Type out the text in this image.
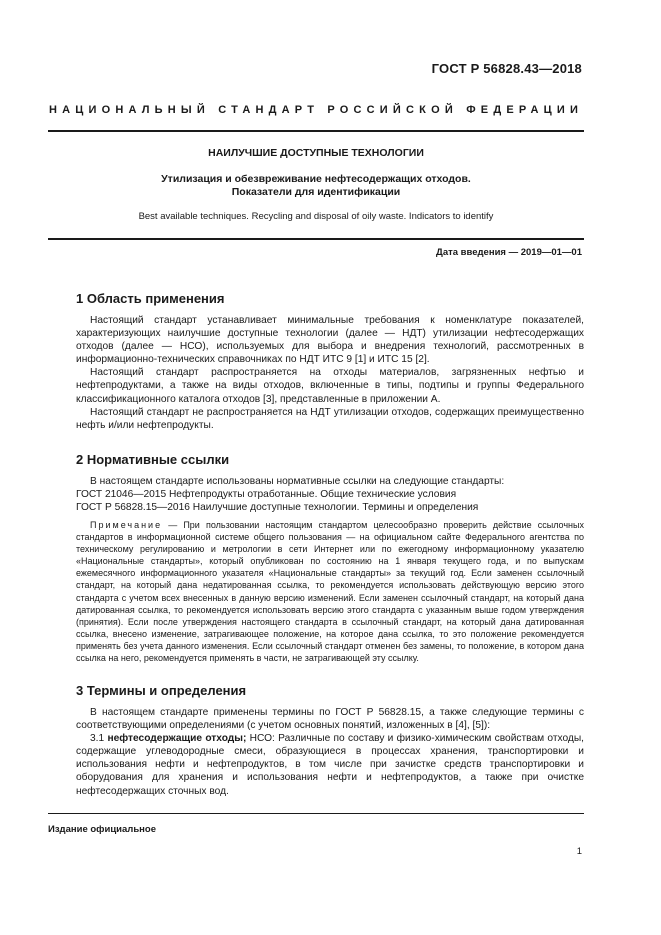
ГОСТ Р 56828.43—2018
НАЦИОНАЛЬНЫЙ СТАНДАРТ РОССИЙСКОЙ ФЕДЕРАЦИИ
НАИЛУЧШИЕ ДОСТУПНЫЕ ТЕХНОЛОГИИ
Утилизация и обезвреживание нефтесодержащих отходов.
Показатели для идентификации
Best available techniques. Recycling and disposal of oily waste. Indicators to identify
Дата введения — 2019—01—01
1 Область применения

Настоящий стандарт устанавливает минимальные требования к номенклатуре показателей, характеризующих наилучшие доступные технологии (далее — НДТ) утилизации нефтесодержащих отходов (далее — НСО), используемых для выбора и внедрения технологий, рассмотренных в информационно-технических справочниках по НДТ ИТС 9 [1] и ИТС 15 [2].

Настоящий стандарт распространяется на отходы материалов, загрязненных нефтью и нефтепродуктами, а также на виды отходов, включенные в типы, подтипы и группы Федерального классификационного каталога отходов [3], представленные в приложении А.

Настоящий стандарт не распространяется на НДТ утилизации отходов, содержащих преимущественно нефть и/или нефтепродукты.

2 Нормативные ссылки

В настоящем стандарте использованы нормативные ссылки на следующие стандарты:

ГОСТ 21046—2015 Нефтепродукты отработанные. Общие технические условия

ГОСТ Р 56828.15—2016 Наилучшие доступные технологии. Термины и определения

Примечание — При пользовании настоящим стандартом целесообразно проверить действие ссылочных стандартов в информационной системе общего пользования — на официальном сайте Федерального агентства по техническому регулированию и метрологии в сети Интернет или по ежегодному информационному указателю «Национальные стандарты», который опубликован по состоянию на 1 января текущего года, и по выпускам ежемесячного информационного указателя «Национальные стандарты» за текущий год. Если заменен ссылочный стандарт, на который дана недатированная ссылка, то рекомендуется использовать действующую версию этого стандарта с учетом всех внесенных в данную версию изменений. Если заменен ссылочный стандарт, на который дана датированная ссылка, то рекомендуется использовать версию этого стандарта с указанным выше годом утверждения (принятия). Если после утверждения настоящего стандарта в ссылочный стандарт, на который дана датированная ссылка, внесено изменение, затрагивающее положение, на которое дана ссылка, то это положение рекомендуется применять без учета данного изменения. Если ссылочный стандарт отменен без замены, то положение, в котором дана ссылка на него, рекомендуется применять в части, не затрагивающей эту ссылку.

3 Термины и определения

В настоящем стандарте применены термины по ГОСТ Р 56828.15, а также следующие термины с соответствующими определениями (с учетом основных понятий, изложенных в [4], [5]):

3.1 нефтесодержащие отходы; НСО: Различные по составу и физико-химическим свойствам отходы, содержащие углеводородные смеси, образующиеся в процессах хранения, транспортировки и использования нефти и нефтепродуктов, в том числе при зачистке средств транспортировки и оборудования для хранения и использования нефти и нефтепродуктов, а также при очистке нефтесодержащих сточных вод.

Издание официальное
1
